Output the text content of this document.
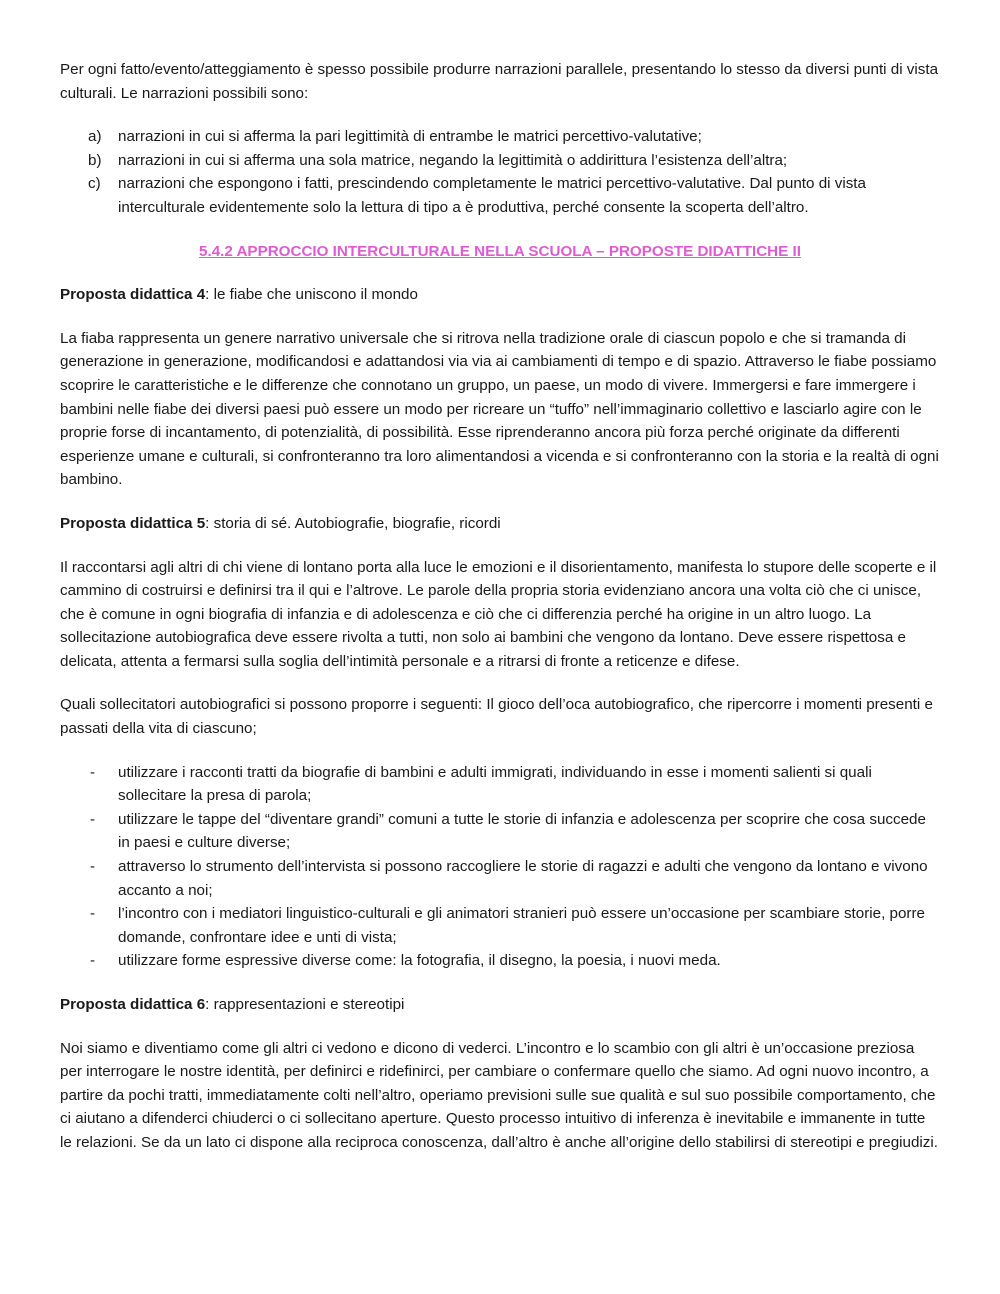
Per ogni fatto/evento/atteggiamento è spesso possibile produrre narrazioni parallele, presentando lo stesso da diversi punti di vista culturali. Le narrazioni possibili sono:

a) narrazioni in cui si afferma la pari legittimità di entrambe le matrici percettivo-valutative;
b) narrazioni in cui si afferma una sola matrice, negando la legittimità o addirittura l’esistenza dell’altra;
c) narrazioni che espongono i fatti, prescindendo completamente le matrici percettivo-valutative. Dal punto di vista interculturale evidentemente solo la lettura di tipo a è produttiva, perché consente la scoperta dell’altro.

5.4.2 APPROCCIO INTERCULTURALE NELLA SCUOLA – PROPOSTE DIDATTICHE II

Proposta didattica 4: le fiabe che uniscono il mondo

La fiaba rappresenta un genere narrativo universale che si ritrova nella tradizione orale di ciascun popolo e che si tramanda di generazione in generazione, modificandosi e adattandosi via via ai cambiamenti di tempo e di spazio. Attraverso le fiabe possiamo scoprire le caratteristiche e le differenze che connotano un gruppo, un paese, un modo di vivere. Immergersi e fare immergere i bambini nelle fiabe dei diversi paesi può essere un modo per ricreare un “tuffo” nell’immaginario collettivo e lasciarlo agire con le proprie forse di incantamento, di potenzialità, di possibilità. Esse riprenderanno ancora più forza perché originate da differenti esperienze umane e culturali, si confronteranno tra loro alimentandosi a vicenda e si confronteranno con la storia e la realtà di ogni bambino.

Proposta didattica 5: storia di sé. Autobiografie, biografie, ricordi

Il raccontarsi agli altri di chi viene di lontano porta alla luce le emozioni e il disorientamento, manifesta lo stupore delle scoperte e il cammino di costruirsi e definirsi tra il qui e l’altrove. Le parole della propria storia evidenziano ancora una volta ciò che ci unisce, che è comune in ogni biografia di infanzia e di adolescenza e ciò che ci differenzia perché ha origine in un altro luogo. La sollecitazione autobiografica deve essere rivolta a tutti, non solo ai bambini che vengono da lontano. Deve essere rispettosa e delicata, attenta a fermarsi sulla soglia dell’intimità personale e a ritrarsi di fronte a reticenze e difese.

Quali sollecitatori autobiografici si possono proporre i seguenti: Il gioco dell’oca autobiografico, che ripercorre i momenti presenti e passati della vita di ciascuno;

- utilizzare i racconti tratti da biografie di bambini e adulti immigrati, individuando in esse i momenti salienti si quali sollecitare la presa di parola;
- utilizzare le tappe del “diventare grandi” comuni a tutte le storie di infanzia e adolescenza per scoprire che cosa succede in paesi e culture diverse;
- attraverso lo strumento dell’intervista si possono raccogliere le storie di ragazzi e adulti che vengono da lontano e vivono accanto a noi;
- l’incontro con i mediatori linguistico-culturali e gli animatori stranieri può essere un’occasione per scambiare storie, porre domande, confrontare idee e unti di vista;
- utilizzare forme espressive diverse come: la fotografia, il disegno, la poesia, i nuovi meda.

Proposta didattica 6: rappresentazioni e stereotipi

Noi siamo e diventiamo come gli altri ci vedono e dicono di vederci. L’incontro e lo scambio con gli altri è un’occasione preziosa per interrogare le nostre identità, per definirci e ridefinirci, per cambiare o confermare quello che siamo. Ad ogni nuovo incontro, a partire da pochi tratti, immediatamente colti nell’altro, operiamo previsioni sulle sue qualità e sul suo possibile comportamento, che ci aiutano a difenderci chiuderci o ci sollecitano aperture. Questo processo intuitivo di inferenza è inevitabile e immanente in tutte le relazioni. Se da un lato ci dispone alla reciproca conoscenza, dall’altro è anche all’origine dello stabilirsi di stereotipi e pregiudizi.
